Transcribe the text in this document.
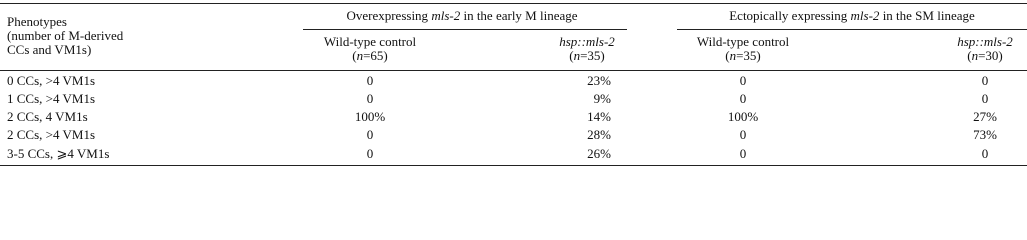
Phenotypes
(number of M-derived
CCs and VM1s)
Overexpressing mls-2 in the early M lineage	Ectopically expressing mls-2 in the SM lineage
Wild-type control
(n=65)
hsp::mls-2
(n=35)
Wild-type control
(n=35)
hsp::mls-2
(n=30)
0 CCs, >4 VM1s	0	23%	0	0
1 CCs, >4 VM1s	0	9%	0	0
2 CCs, 4 VM1s	100%	14%	100%	27%
2 CCs, >4 VM1s	0	28%	0	73%
3-5 CCs, ⩾4 VM1s	0	26%	0	0
